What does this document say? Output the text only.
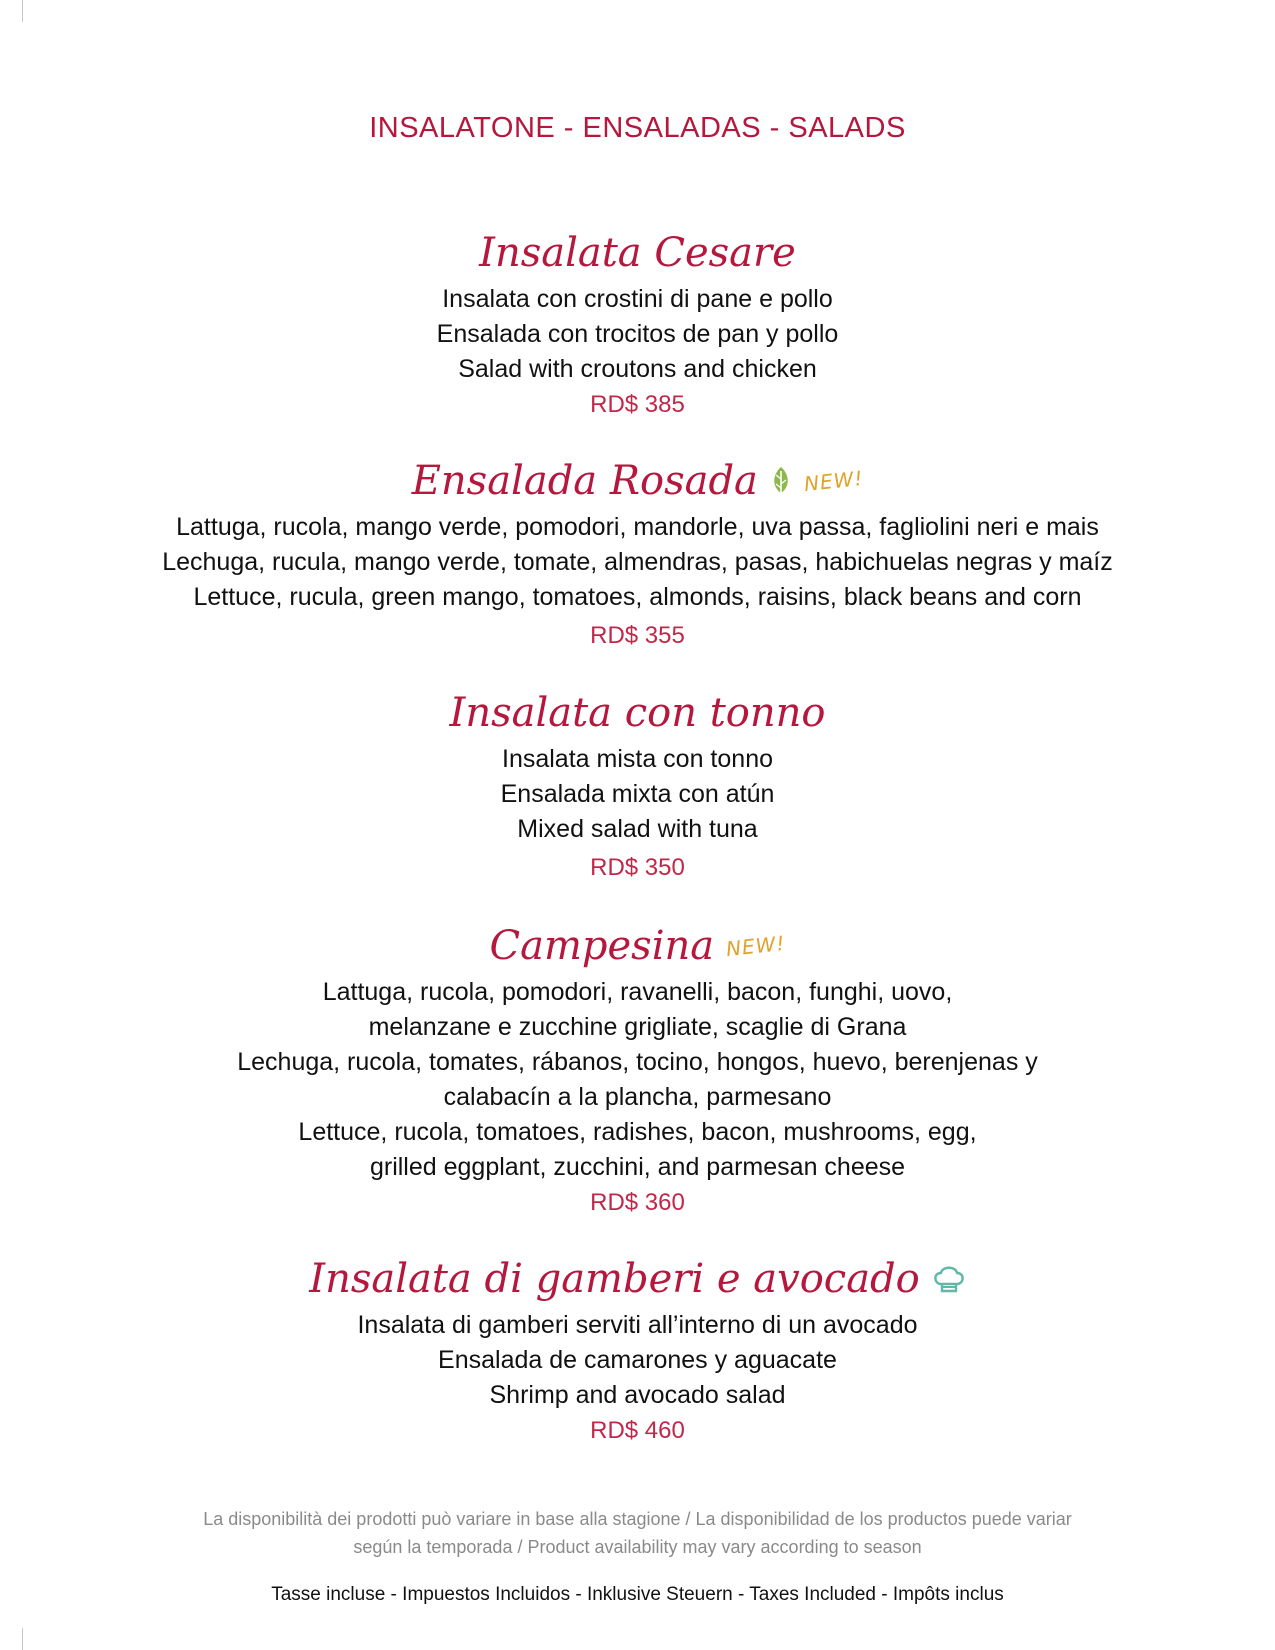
INSALATONE - ENSALADAS - SALADS
Insalata Cesare
Insalata con crostini di pane e pollo
Ensalada con trocitos de pan y pollo
Salad with croutons and chicken
RD$ 385
Ensalada Rosada NEW!
Lattuga, rucola, mango verde, pomodori, mandorle, uva passa, fagliolini neri e mais
Lechuga, rucula, mango verde, tomate, almendras, pasas, habichuelas negras y maíz
Lettuce, rucula, green mango, tomatoes, almonds, raisins, black beans and corn
RD$ 355
Insalata con tonno
Insalata mista con tonno
Ensalada mixta con atún
Mixed salad with tuna
RD$ 350
Campesina NEW!
Lattuga, rucola, pomodori, ravanelli, bacon, funghi, uovo,
melanzane e zucchine grigliate, scaglie di Grana
Lechuga, rucola, tomates, rábanos, tocino, hongos, huevo, berenjenas y
calabacín a la plancha, parmesano
Lettuce, rucola, tomatoes, radishes, bacon, mushrooms, egg,
grilled eggplant, zucchini, and parmesan cheese
RD$ 360
Insalata di gamberi e avocado
Insalata di gamberi serviti all’interno di un avocado
Ensalada de camarones y aguacate
Shrimp and avocado salad
RD$ 460
La disponibilità dei prodotti può variare in base alla stagione / La disponibilidad de los productos puede variar
según la temporada / Product availability may vary according to season
Tasse incluse - Impuestos Incluidos - Inklusive Steuern - Taxes Included - Impôts inclus
